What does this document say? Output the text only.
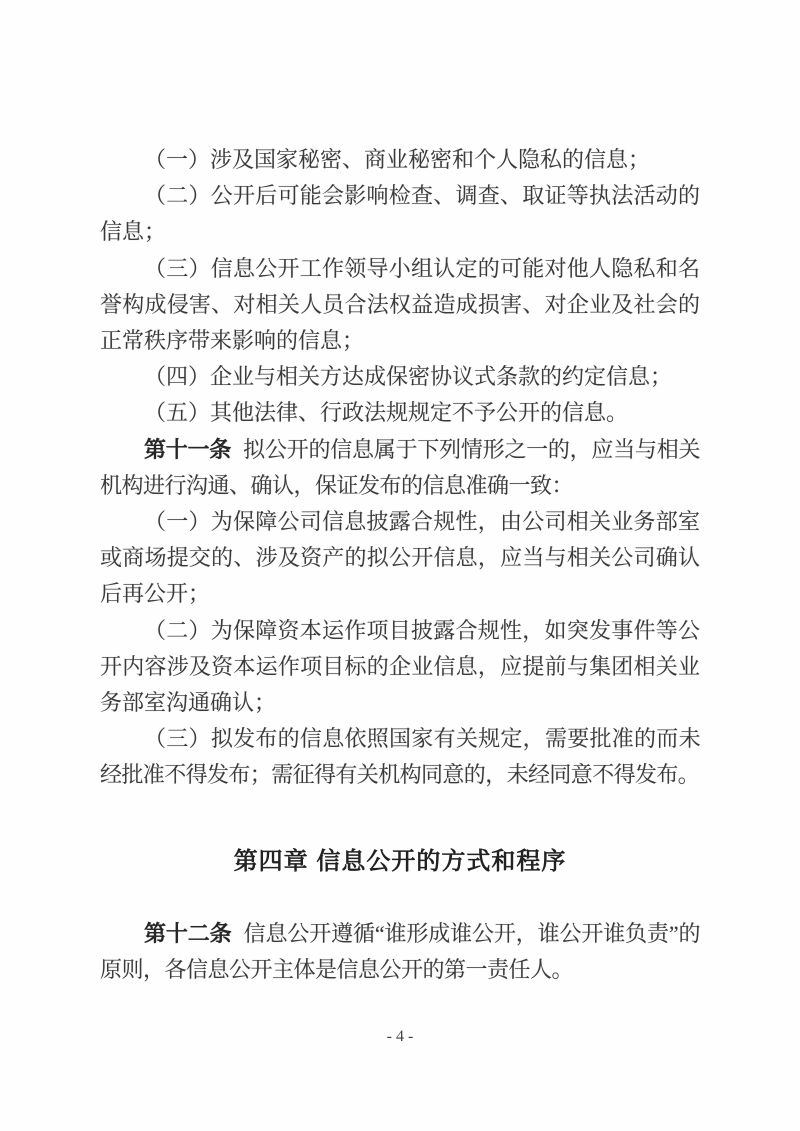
（一）涉及国家秘密、商业秘密和个人隐私的信息；

（二）公开后可能会影响检查、调查、取证等执法活动的信息；

（三）信息公开工作领导小组认定的可能对他人隐私和名誉构成侵害、对相关人员合法权益造成损害、对企业及社会的正常秩序带来影响的信息；

（四）企业与相关方达成保密协议式条款的约定信息；

（五）其他法律、行政法规规定不予公开的信息。

第十一条 拟公开的信息属于下列情形之一的，应当与相关机构进行沟通、确认，保证发布的信息准确一致：

（一）为保障公司信息披露合规性，由公司相关业务部室或商场提交的、涉及资产的拟公开信息，应当与相关公司确认后再公开；

（二）为保障资本运作项目披露合规性，如突发事件等公开内容涉及资本运作项目标的企业信息，应提前与集团相关业务部室沟通确认；

（三）拟发布的信息依照国家有关规定，需要批准的而未经批准不得发布；需征得有关机构同意的，未经同意不得发布。

第四章 信息公开的方式和程序

第十二条 信息公开遵循“谁形成谁公开，谁公开谁负责”的原则，各信息公开主体是信息公开的第一责任人。

- 4 -
